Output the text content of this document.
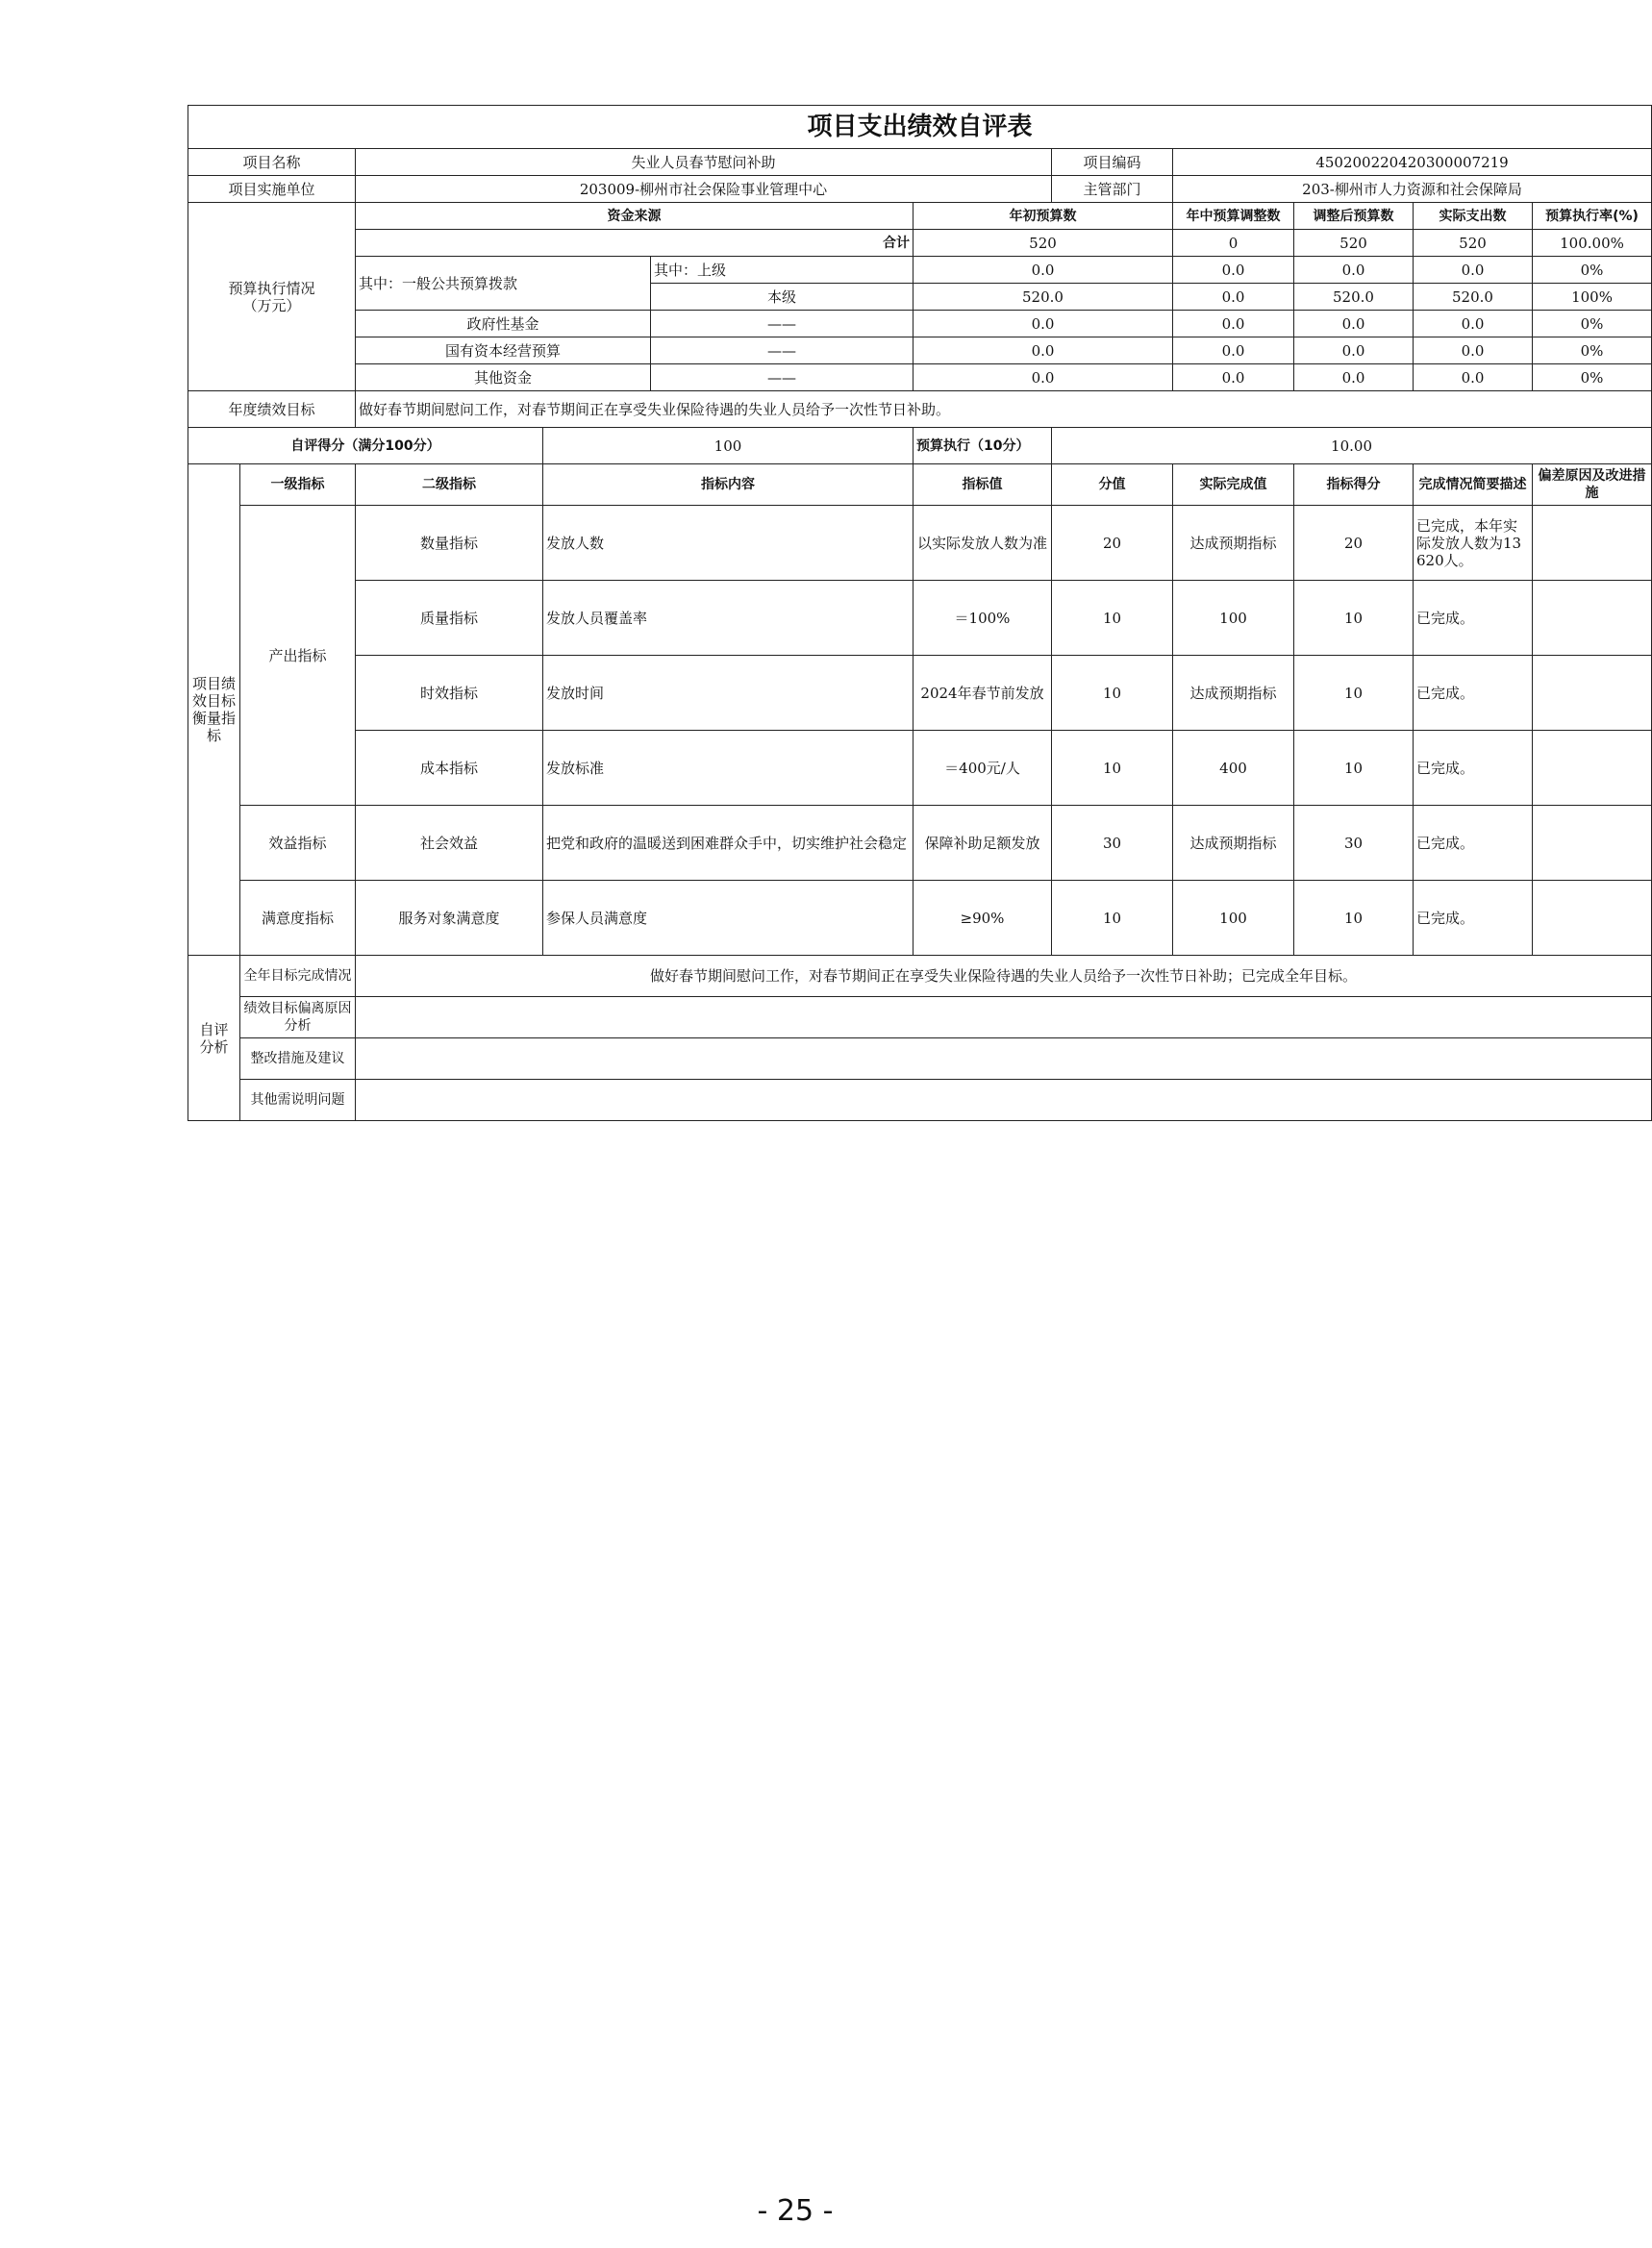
项目支出绩效自评表										
项目名称		失业人员春节慰问补助				项目编码	450200220420300007219			
项目实施单位		203009-柳州市社会保险事业管理中心				主管部门	203-柳州市人力资源和社会保障局			
预算执行情况
（万元）		资金来源			年初预算数		年中预算调整数	调整后预算数	实际支出数	预算执行率(%)
		合计			520		0	520	520	100.00%
		其中：一般公共预算拨款		其中：上级	0.0		0.0	0.0	0.0	0%
				本级	520.0		0.0	520.0	520.0	100%
		政府性基金		——	0.0		0.0	0.0	0.0	0%
		国有资本经营预算		——	0.0		0.0	0.0	0.0	0%
		其他资金		——	0.0		0.0	0.0	0.0	0%
年度绩效目标		做好春节期间慰问工作，对春节期间正在享受失业保险待遇的失业人员给予一次性节日补助。								
自评得分（满分100分）			100		预算执行（10分）	10.00				
项目绩效目标衡量指标	一级指标	二级指标	指标内容		指标值	分值	实际完成值	指标得分	完成情况简要描述	偏差原因及改进措施
	产出指标	数量指标	发放人数		以实际发放人数为准	20	达成预期指标	20	已完成，本年实际发放人数为13620人。	
		质量指标	发放人员覆盖率		＝100%	10	100	10	已完成。	
		时效指标	发放时间		2024年春节前发放	10	达成预期指标	10	已完成。	
		成本指标	发放标准		＝400元/人	10	400	10	已完成。	
	效益指标	社会效益	把党和政府的温暖送到困难群众手中，切实维护社会稳定		保障补助足额发放	30	达成预期指标	30	已完成。	
	满意度指标	服务对象满意度	参保人员满意度		≥90%	10	100	10	已完成。	
自评
分析	全年目标完成情况	做好春节期间慰问工作，对春节期间正在享受失业保险待遇的失业人员给予一次性节日补助；已完成全年目标。								
	绩效目标偏离原因分析									
	整改措施及建议									
	其他需说明问题									
- 25 -
